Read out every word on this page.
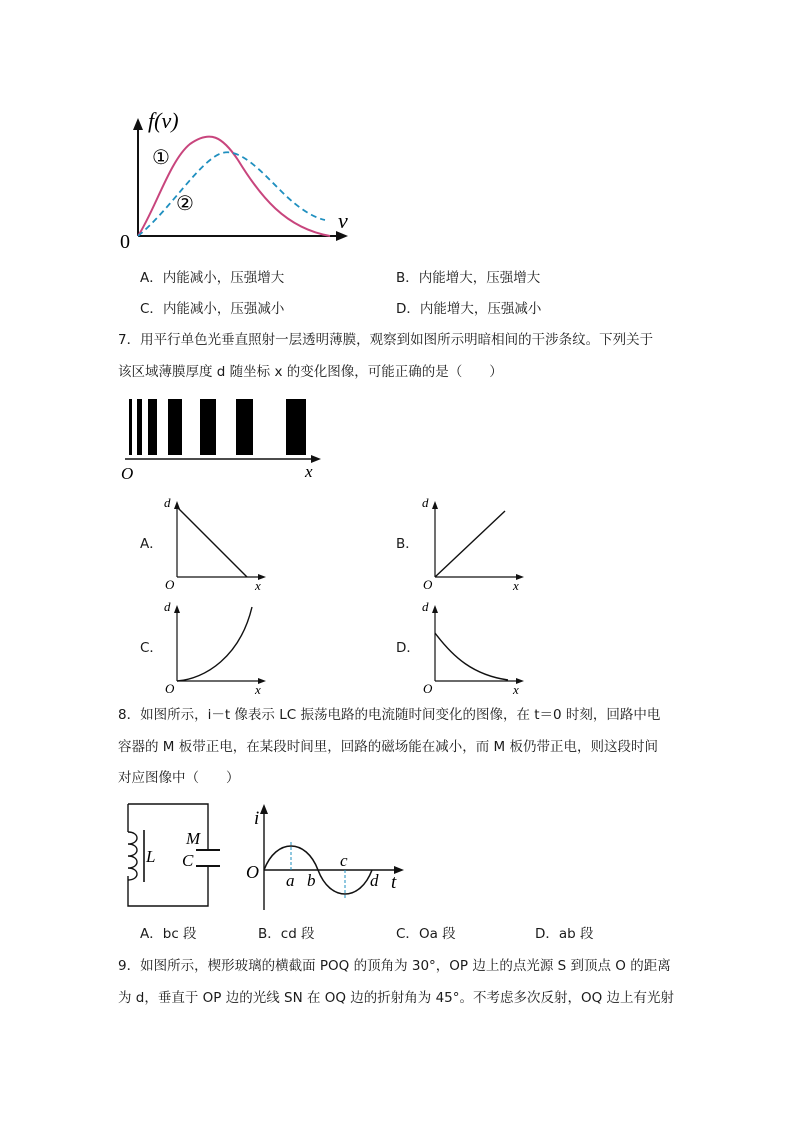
f(v)
v
0
①
②
A．内能减小，压强增大	B．内能增大，压强增大
C．内能减小，压强减小	D．内能增大，压强减小
7．用平行单色光垂直照射一层透明薄膜，观察到如图所示明暗相间的干涉条纹。下列关于
该区域薄膜厚度 d 随坐标 x 的变化图像，可能正确的是（　　）
O	x
A．
d
O	x
B．
d
O	x
C．
d
O	x
D．
d
O	x
8．如图所示，i－t 像表示 LC 振荡电路的电流随时间变化的图像，在 t＝0 时刻，回路中电
容器的 M 板带正电，在某段时间里，回路的磁场能在减小，而 M 板仍带正电，则这段时间
对应图像中（　　）
L
M
C
i
O a b
c
d t
A．bc 段	B．cd 段	C．Oa 段	D．ab 段
9．如图所示，楔形玻璃的横截面 POQ 的顶角为 30°，OP 边上的点光源 S 到顶点 O 的距离
为 d，垂直于 OP 边的光线 SN 在 OQ 边的折射角为 45°。不考虑多次反射，OQ 边上有光射
